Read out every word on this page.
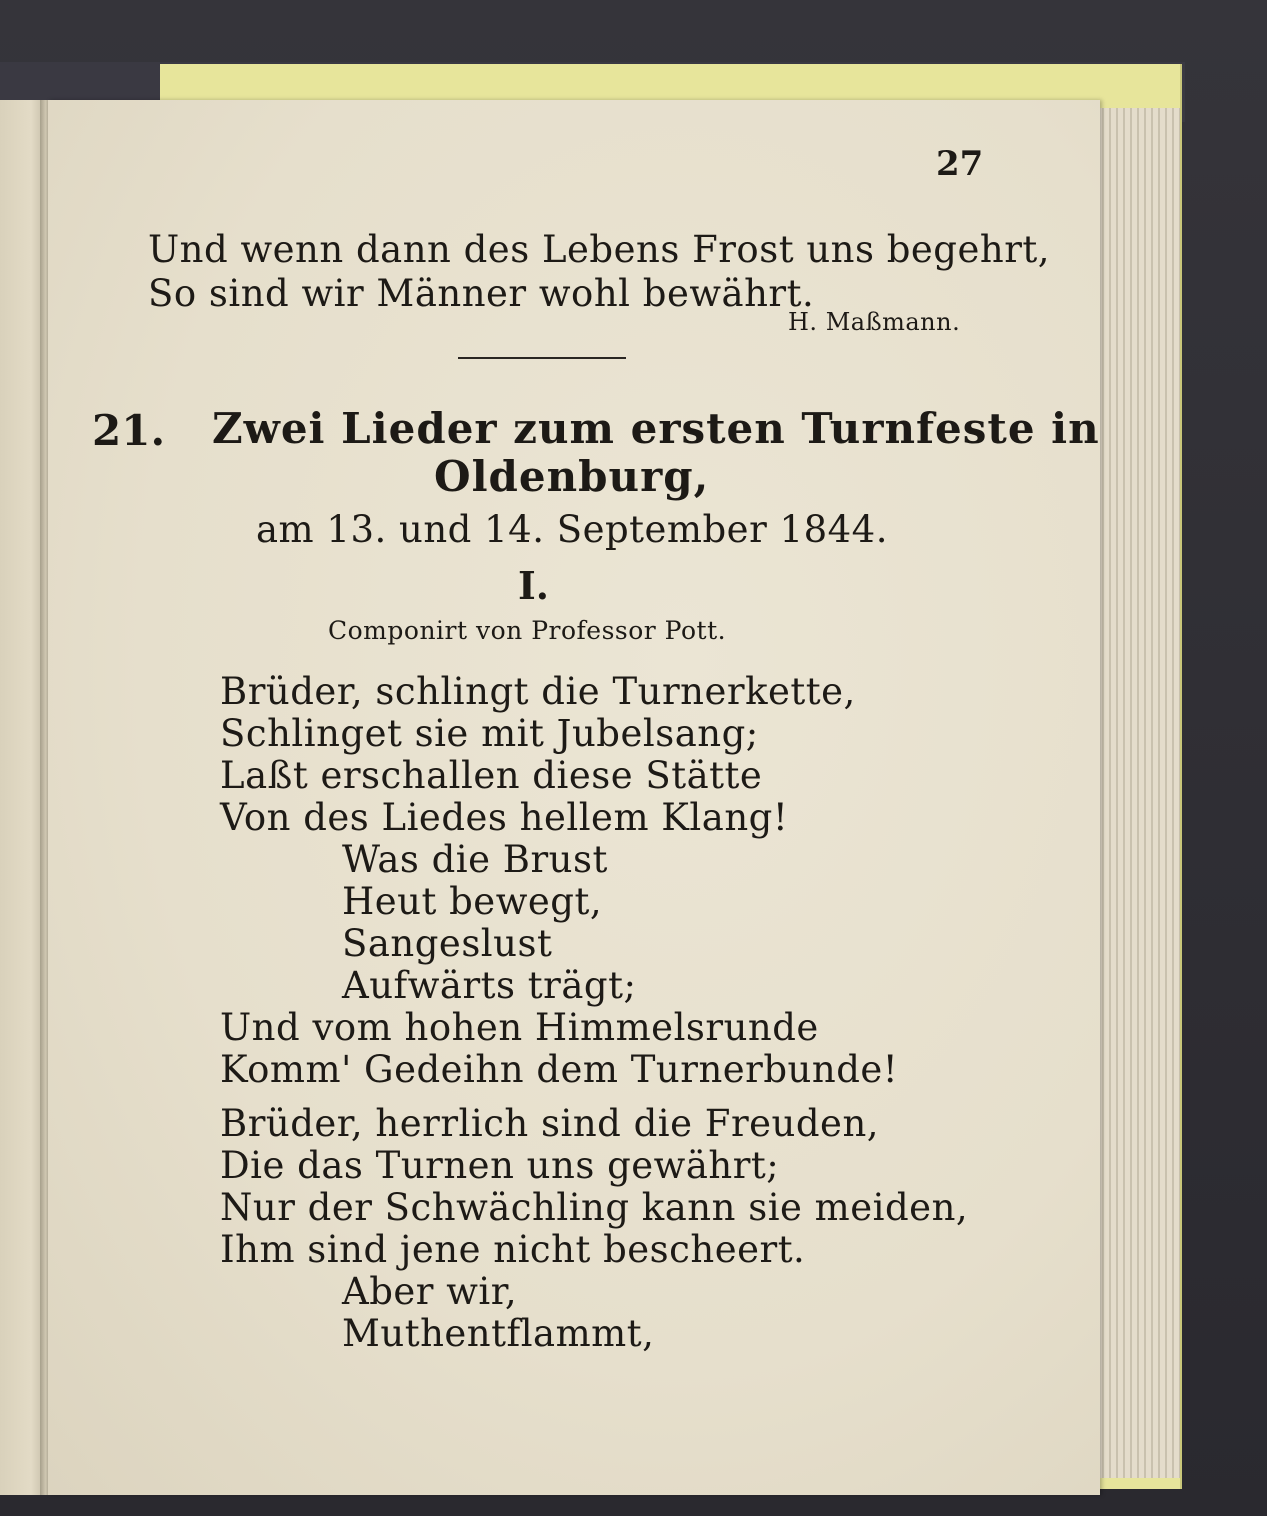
27
Und wenn dann des Lebens Frost uns begehrt,
So sind wir Männer wohl bewährt.
H. Maßmann.
21. Zwei Lieder zum ersten Turnfeste in
Oldenburg,
am 13. und 14. September 1844.
I.
Componirt von Professor Pott.
Brüder, schlingt die Turnerkette,
Schlinget sie mit Jubelsang;
Laßt erschallen diese Stätte
Von des Liedes hellem Klang!
Was die Brust
Heut bewegt,
Sangeslust
Aufwärts trägt;
Und vom hohen Himmelsrunde
Komm' Gedeihn dem Turnerbunde!
Brüder, herrlich sind die Freuden,
Die das Turnen uns gewährt;
Nur der Schwächling kann sie meiden,
Ihm sind jene nicht bescheert.
Aber wir,
Muthentflammt,
